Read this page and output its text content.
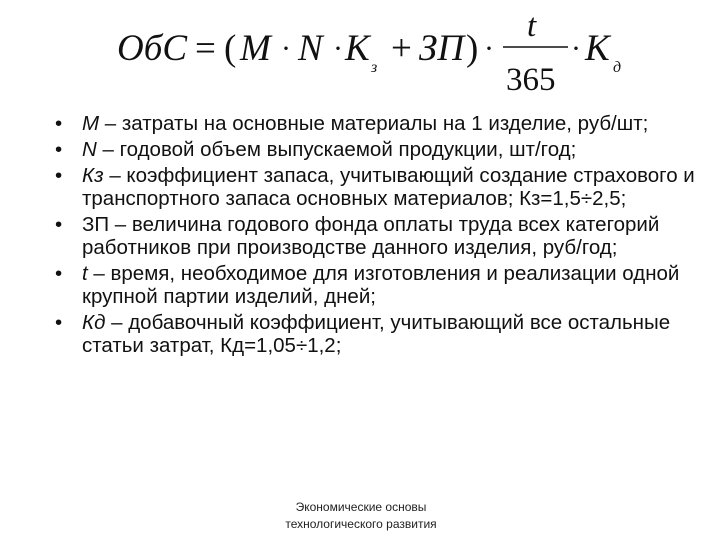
ОбС = ( М · N · К з + ЗП ) ·
t
365
· К д
• М – затраты на основные материалы на 1 изделие, руб/шт;
• N – годовой объем выпускаемой продукции, шт/год;
• Кз – коэффициент запаса, учитывающий создание страхового и транспортного запаса основных материалов; Кз=1,5÷2,5;
• ЗП – величина годового фонда оплаты труда всех категорий работников при производстве данного изделия, руб/год;
• t – время, необходимое для изготовления и реализации одной крупной партии изделий, дней;
• Кд – добавочный коэффициент, учитывающий все остальные статьи затрат, Кд=1,05÷1,2;
Экономические основы
технологического развития
